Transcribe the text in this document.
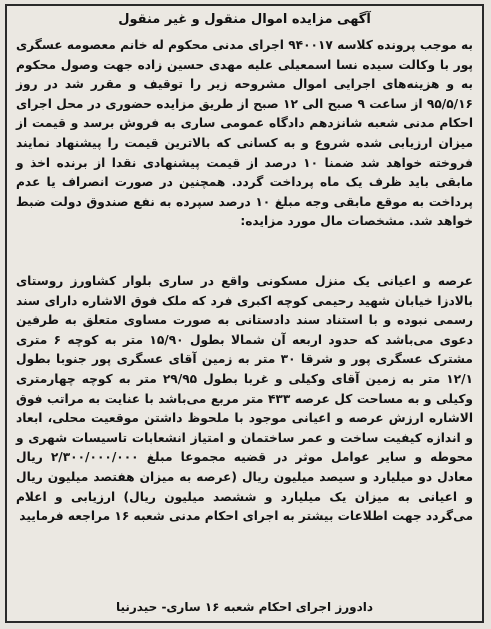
آگهی مزایده اموال منقول و غیر منقول
به موجب پرونده کلاسه ۹۴۰۰۱۷ اجرای مدنی محکوم له خانم معصومه عسگری پور با وکالت سیده نسا اسمعیلی علیه مهدی حسین زاده جهت وصول محکوم به و هزینه‌های اجرایی اموال مشروحه زیر را توقیف و مقرر شد در روز ۹۵/۵/۱۶ از ساعت ۹ صبح الی ۱۲ صبح از طریق مزایده حضوری در محل اجرای احکام مدنی شعبه شانزدهم دادگاه عمومی ساری به فروش برسد و قیمت از میزان ارزیابی شده شروع و به کسانی که بالاترین قیمت را پیشنهاد نمایند فروخته خواهد شد ضمنا ۱۰ درصد از قیمت پیشنهادی نقدا از برنده اخذ و مابقی باید ظرف یک ماه پرداخت گردد. همچنین در صورت انصراف یا عدم پرداخت به موقع مابقی وجه مبلغ ۱۰ درصد سپرده به نفع صندوق دولت ضبط خواهد شد. مشخصات مال مورد مزایده:
عرصه و اعیانی یک منزل مسکونی واقع در ساری بلوار کشاورز روستای بالادزا خیابان شهید رحیمی کوچه اکبری فرد که ملک فوق الاشاره دارای سند رسمی نبوده و با استناد سند دادستانی به صورت مساوی متعلق به طرفین دعوی می‌باشد که حدود اربعه آن شمالا بطول ۱۵/۹۰ متر به کوچه ۶ متری مشترک عسگری پور و شرقا ۳۰ متر به زمین آقای عسگری پور جنوبا بطول ۱۲/۱ متر به زمین آقای وکیلی و غربا بطول ۲۹/۹۵ متر به کوچه چهارمتری وکیلی و به مساحت کل عرصه ۴۳۳ متر مربع می‌باشد با عنایت به مراتب فوق الاشاره ارزش عرصه و اعیانی موجود با ملحوظ داشتن موقعیت محلی، ابعاد و اندازه کیفیت ساخت و عمر ساختمان و امتیاز انشعابات تاسیسات شهری و محوطه و سایر عوامل موثر در قضیه مجموعا مبلغ ۲/۳۰۰/۰۰۰/۰۰۰ ریال معادل دو میلیارد و سیصد میلیون ریال (عرصه به میزان هفتصد میلیون ریال و اعیانی به میزان یک میلیارد و ششصد میلیون ریال) ارزیابی و اعلام می‌گردد جهت اطلاعات بیشتر به اجرای احکام مدنی شعبه ۱۶ مراجعه فرمایید
دادورز اجرای احکام شعبه ۱۶ ساری- حیدرنیا
